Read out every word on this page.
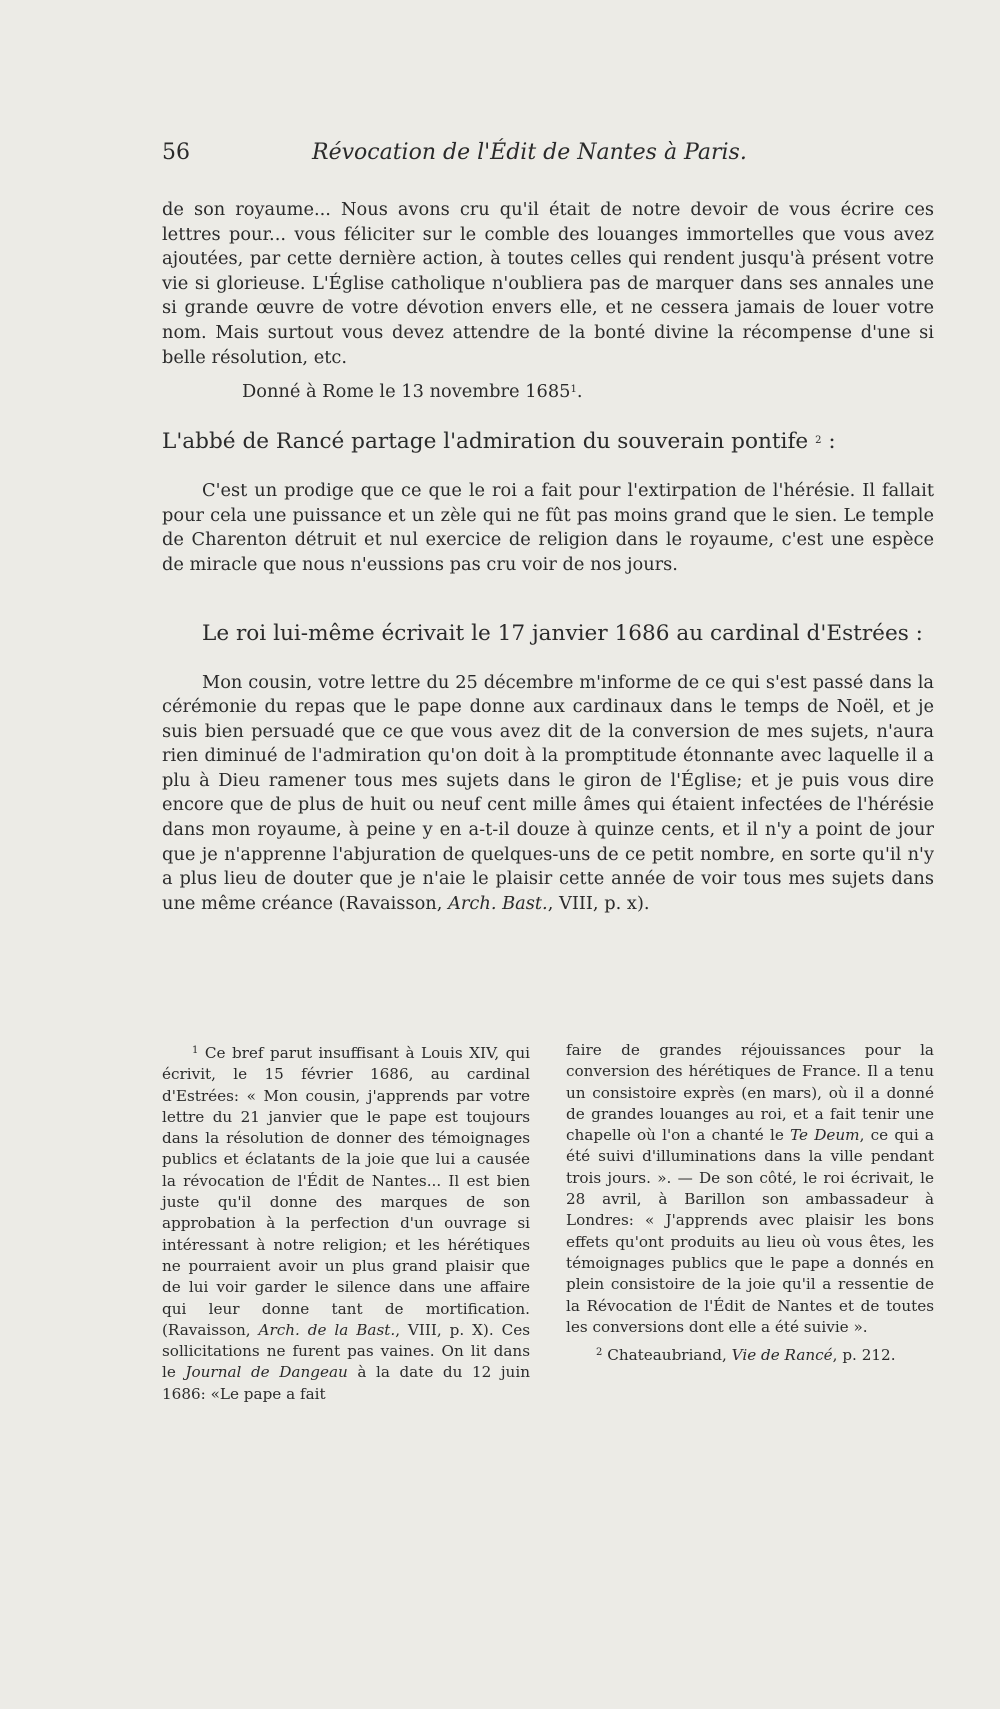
56	Révocation de l'Édit de Nantes à Paris.

de son royaume... Nous avons cru qu'il était de notre devoir de vous écrire ces lettres pour... vous féliciter sur le comble des louanges immortelles que vous avez ajoutées, par cette dernière action, à toutes celles qui rendent jusqu'à présent votre vie si glorieuse. L'Église catholique n'oubliera pas de marquer dans ses annales une si grande œuvre de votre dévotion envers elle, et ne cessera jamais de louer votre nom. Mais surtout vous devez attendre de la bonté divine la récompense d'une si belle résolution, etc.

Donné à Rome le 13 novembre 1685$^1$.

L'abbé de Rancé partage l'admiration du souverain pontife $^2$ :

C'est un prodige que ce que le roi a fait pour l'extirpation de l'hérésie. Il fallait pour cela une puissance et un zèle qui ne fût pas moins grand que le sien. Le temple de Charenton détruit et nul exercice de religion dans le royaume, c'est une espèce de miracle que nous n'eussions pas cru voir de nos jours.

Le roi lui-même écrivait le 17 janvier 1686 au cardinal d'Estrées :

Mon cousin, votre lettre du 25 décembre m'informe de ce qui s'est passé dans la cérémonie du repas que le pape donne aux cardinaux dans le temps de Noël, et je suis bien persuadé que ce que vous avez dit de la conversion de mes sujets, n'aura rien diminué de l'admiration qu'on doit à la promptitude étonnante avec laquelle il a plu à Dieu ramener tous mes sujets dans le giron de l'Église; et je puis vous dire encore que de plus de huit ou neuf cent mille âmes qui étaient infectées de l'hérésie dans mon royaume, à peine y en a-t-il douze à quinze cents, et il n'y a point de jour que je n'apprenne l'abjuration de quelques-uns de ce petit nombre, en sorte qu'il n'y a plus lieu de douter que je n'aie le plaisir cette année de voir tous mes sujets dans une même créance (Ravaisson, Arch. Bast., VIII, p. x).

$^1$ Ce bref parut insuffisant à Louis XIV, qui écrivit, le 15 février 1686, au cardinal d'Estrées: « Mon cousin, j'apprends par votre lettre du 21 janvier que le pape est toujours dans la résolution de donner des témoignages publics et éclatants de la joie que lui a causée la révocation de l'Édit de Nantes... Il est bien juste qu'il donne des marques de son approbation à la perfection d'un ouvrage si intéressant à notre religion; et les hérétiques ne pourraient avoir un plus grand plaisir que de lui voir garder le silence dans une affaire qui leur donne tant de mortification. (Ravaisson, Arch. de la Bast., VIII, p. X). Ces sollicitations ne furent pas vaines. On lit dans le Journal de Dangeau à la date du 12 juin 1686: «Le pape a fait

faire de grandes réjouissances pour la conversion des hérétiques de France. Il a tenu un consistoire exprès (en mars), où il a donné de grandes louanges au roi, et a fait tenir une chapelle où l'on a chanté le Te Deum, ce qui a été suivi d'illuminations dans la ville pendant trois jours. ». — De son côté, le roi écrivait, le 28 avril, à Barillon son ambassadeur à Londres: « J'apprends avec plaisir les bons effets qu'ont produits au lieu où vous êtes, les témoignages publics que le pape a donnés en plein consistoire de la joie qu'il a ressentie de la Révocation de l'Édit de Nantes et de toutes les conversions dont elle a été suivie ».

$^2$ Chateaubriand, Vie de Rancé, p. 212.
